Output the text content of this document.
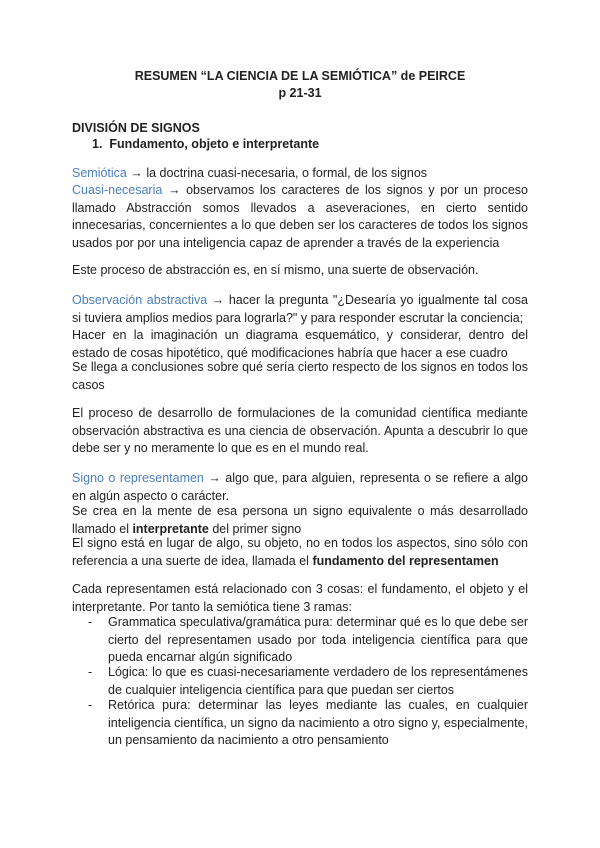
RESUMEN “LA CIENCIA DE LA SEMIÓTICA” de PEIRCE
p 21-31
DIVISIÓN DE SIGNOS
1.  Fundamento, objeto e interpretante
Semiótica → la doctrina cuasi-necesaria, o formal, de los signos
Cuasi-necesaria → observamos los caracteres de los signos y por un proceso llamado Abstracción somos llevados a aseveraciones, en cierto sentido innecesarias, concernientes a lo que deben ser los caracteres de todos los signos usados por por una inteligencia capaz de aprender a través de la experiencia
Este proceso de abstracción es, en sí mismo, una suerte de observación.
Observación abstractiva → hacer la pregunta "¿Desearía yo igualmente tal cosa si tuviera amplios medios para lograrla?" y para responder escrutar la conciencia;
Hacer en la imaginación un diagrama esquemático, y considerar, dentro del estado de cosas hipotético, qué modificaciones habría que hacer a ese cuadro
Se llega a conclusiones sobre qué sería cierto respecto de los signos en todos los casos
El proceso de desarrollo de formulaciones de la comunidad científica mediante observación abstractiva es una ciencia de observación. Apunta a descubrir lo que debe ser y no meramente lo que es en el mundo real.
Signo o representamen → algo que, para alguien, representa o se refiere a algo en algún aspecto o carácter.
Se crea en la mente de esa persona un signo equivalente o más desarrollado llamado el interpretante del primer signo
El signo está en lugar de algo, su objeto, no en todos los aspectos, sino sólo con referencia a una suerte de idea, llamada el fundamento del representamen
Cada representamen está relacionado con 3 cosas: el fundamento, el objeto y el interpretante. Por tanto la semiótica tiene 3 ramas:
- Grammatica speculativa/gramática pura: determinar qué es lo que debe ser cierto del representamen usado por toda inteligencia científica para que pueda encarnar algún significado
- Lógica: lo que es cuasi-necesariamente verdadero de los representámenes de cualquier inteligencia científica para que puedan ser ciertos
- Retórica pura: determinar las leyes mediante las cuales, en cualquier inteligencia científica, un signo da nacimiento a otro signo y, especialmente, un pensamiento da nacimiento a otro pensamiento
